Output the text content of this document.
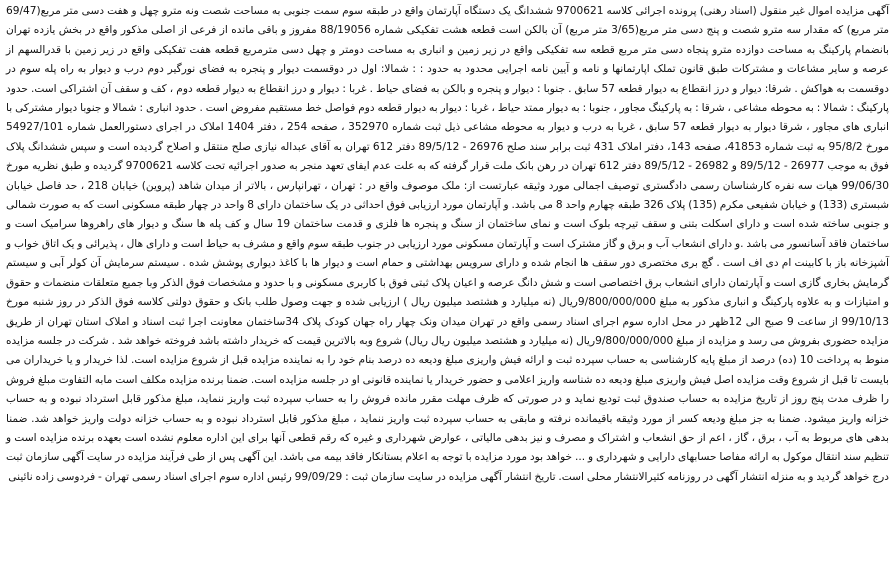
آگهی مزایده اموال غیر منقول (اسناد رهنی) پرونده اجرائی کلاسه 9700621 ششدانگ یک دستگاه آپارتمان واقع در طبقه سوم سمت جنوبی به مساحت شصت ونه مترو چهل و هفت دسی متر مربع(69/47 متر مربع) که مقدار سه مترو شصت و پنج دسی متر مربع(3/65 متر مربع) آن بالکن است قطعه هشت تفکیکی شماره 88/19056 مفروز و باقی مانده از فرعی از اصلی مذکور واقع در بخش یازده تهران بانضمام پارکینگ به مساحت دوازده مترو پنجاه دسی متر مربع قطعه سه تفکیکی واقع در زیر زمین و انباری به مساحت دومتر و چهل دسی مترمربع قطعه هفت تفکیکی واقع در زیر زمین با قدرالسهم از عرصه و سایر مشاعات و مشترکات طبق قانون تملک اپارتمانها و نامه و آیین نامه اجرایی محدود به حدود : : شمالا: اول در دوقسمت دیوار و پنجره به فضای نورگیر دوم درب و دیوار به راه پله سوم در دوقسمت به هواکش . شرقا: دیوار و درز انقطاع به دیوار قطعه 57 سابق . جنوبا : دیوار و پنجره و بالکن به فضای حیاط . غربا : دیوار و درز انقطاع به دیوار قطعه دوم ، کف و سقف آن اشتراکی است. حدود پارکینگ : شمالا : به محوطه مشاعی ، شرقا : به پارکینگ مجاور ، جنوبا : به دیوار ممتد حیاط ، غربا : دیوار به دیوار قطعه دوم فواصل خط مستقیم مفروض است . حدود انباری : شمالا و جنوبا دیوار مشترکی با انباری های مجاور ، شرقا دیوار به دیوار قطعه 57 سابق ، غربا به درب و دیوار به محوطه مشاعی ذیل ثبت شماره 352970 ، صفحه 254 ، دفتر 1404 املاک در اجرای دستورالعمل شماره 54927/101 مورخ 95/8/2 به ثبت شماره 41853، صفحه 143، دفتر املاک 431 ثبت برابر سند صلح 26976 - 89/5/12 دفتر 612 تهران به آقای عبداله نیازی صلح منتقل و اصلاح گردیده است و سپس ششدانگ پلاک فوق به موجب 26977 - 89/5/12 و 26982 - 89/5/12 دفتر 612 تهران در رهن بانک ملت قرار گرفته که به علت عدم ایفای تعهد منجر به صدور اجرائیه تحت کلاسه 9700621 گردیده و طبق نظریه مورخ 99/06/30 هیات سه نفره کارشناسان رسمی دادگستری توصیف اجمالی مورد وثیقه عبارتست از: ملک موصوف واقع در : تهران ، تهرانپارس ، بالاتر از میدان شاهد (پروین) خیابان 218 ، حد فاصل خیابان شبستری (133) و خیابان شفیعی مکرم (135) پلاک 326 طبقه چهارم واحد 8 می باشد. و آپارتمان مورد ارزیابی فوق احداثی در یک ساختمان دارای 8 واحد در چهار طبقه مسکونی است که به صورت شمالی و جنوبی ساخته شده است و دارای اسکلت بتنی و سقف تیرچه بلوک است و نمای ساختمان از سنگ و پنجره ها فلزی و قدمت ساختمان 19 سال و کف پله ها سنگ و دیوار های راهروها سرامیک است و ساختمان فاقد آسانسور می باشد .و دارای انشعاب آب و برق و گاز مشترک است و آپارتمان مسکونی مورد ارزیابی در جنوب طبقه سوم واقع و مشرف به حیاط است و دارای هال ، پذیرائی و یک اتاق خواب و آشپزخانه باز با کابینت ام دی اف است . گچ بری مختصری دور سقف ها انجام شده و دارای سرویس بهداشتی و حمام است و دیوار ها با کاغذ دیواری پوشش شده . سیستم سرمایش آن کولر آبی و سیستم گرمایش بخاری گازی است و آپارتمان دارای انشعاب برق اختصاصی است و شش دانگ عرصه و اعیان پلاک ثبتی فوق با کاربری مسکونی و با حدود و مشخصات فوق الذکر وبا جمیع متعلقات منضمات و حقوق و امتیازات و به علاوه پارکینگ و انباری مذکور به مبلغ 9/800/000/000ریال (نه میلیارد و هشتصد میلیون ریال ) ارزیابی شده و جهت وصول طلب بانک و حقوق دولتی کلاسه فوق الذکر در روز شنبه مورخ 99/10/13 از ساعت 9 صبح الی 12ظهر در محل اداره سوم اجرای اسناد رسمی واقع در تهران میدان ونک چهار راه جهان کودک پلاک 34ساختمان معاونت اجرا ثبت اسناد و املاک استان تهران از طریق مزایده حضوری بفروش می رسد و مزایده از مبلغ 9/800/000/000ریال (نه میلیارد و هشتصد میلیون ریال ریال) شروع وبه بالاترین قیمت که خریدار داشته باشد فروخته خواهد شد . شرکت در جلسه مزایده منوط به پرداخت 10 (ده) درصد از مبلغ پایه کارشناسی به حساب سپرده ثبت و ارائه فیش واریزی مبلغ ودیعه ده درصد بنام خود را به نماینده مزایده قبل از شروع مزایده است. لذا خریدار و یا خریداران می بایست تا قبل از شروع وقت مزایده اصل فیش واریزی مبلغ ودیعه ده شناسه واریز اعلامی و حضور خریدار یا نماینده قانونی او در جلسه مزایده است. ضمنا برنده مزایده مکلف است مابه التفاوت مبلغ فروش را ظرف مدت پنج روز از تاریخ مزایده به حساب صندوق ثبت تودیع نماید و در صورتی که ظرف مهلت مقرر مانده فروش را به حساب سپرده ثبت واریز ننماید، مبلغ مذکور قابل استرداد نبوده و به حساب خزانه واریز میشود. ضمنا به جز مبلغ ودیعه کسر از مورد وثیقه باقیمانده نرفته و مابقی به حساب سپرده ثبت واریز ننماید ، مبلغ مذکور قابل استرداد نبوده و به حساب خزانه دولت واریز خواهد شد. ضمنا بدهی های مربوط به آب ، برق ، گاز ، اعم از حق انشعاب و اشتراک و مصرف و نیز بدهی مالیاتی ، عوارض شهرداری و غیره که رقم قطعی آنها برای این اداره معلوم نشده است بعهده برنده مزایده است و تنظیم سند انتقال موکول به ارائه مفاصا حسابهای دارایی و شهرداری و ... خواهد بود مورد مزایده با توجه به اعلام بستانکار فاقد بیمه می باشد. این آگهی پس از طی فرآیند مزایده در سایت آگهی سازمان ثبت درج خواهد گردید و به منزله انتشار آگهی در روزنامه کثیرالانتشار محلی است. تاریخ انتشار آگهی مزایده در سایت سازمان ثبت : 99/09/29 رئیس اداره سوم اجرای اسناد رسمی تهران - فردوسی زاده نائینی
